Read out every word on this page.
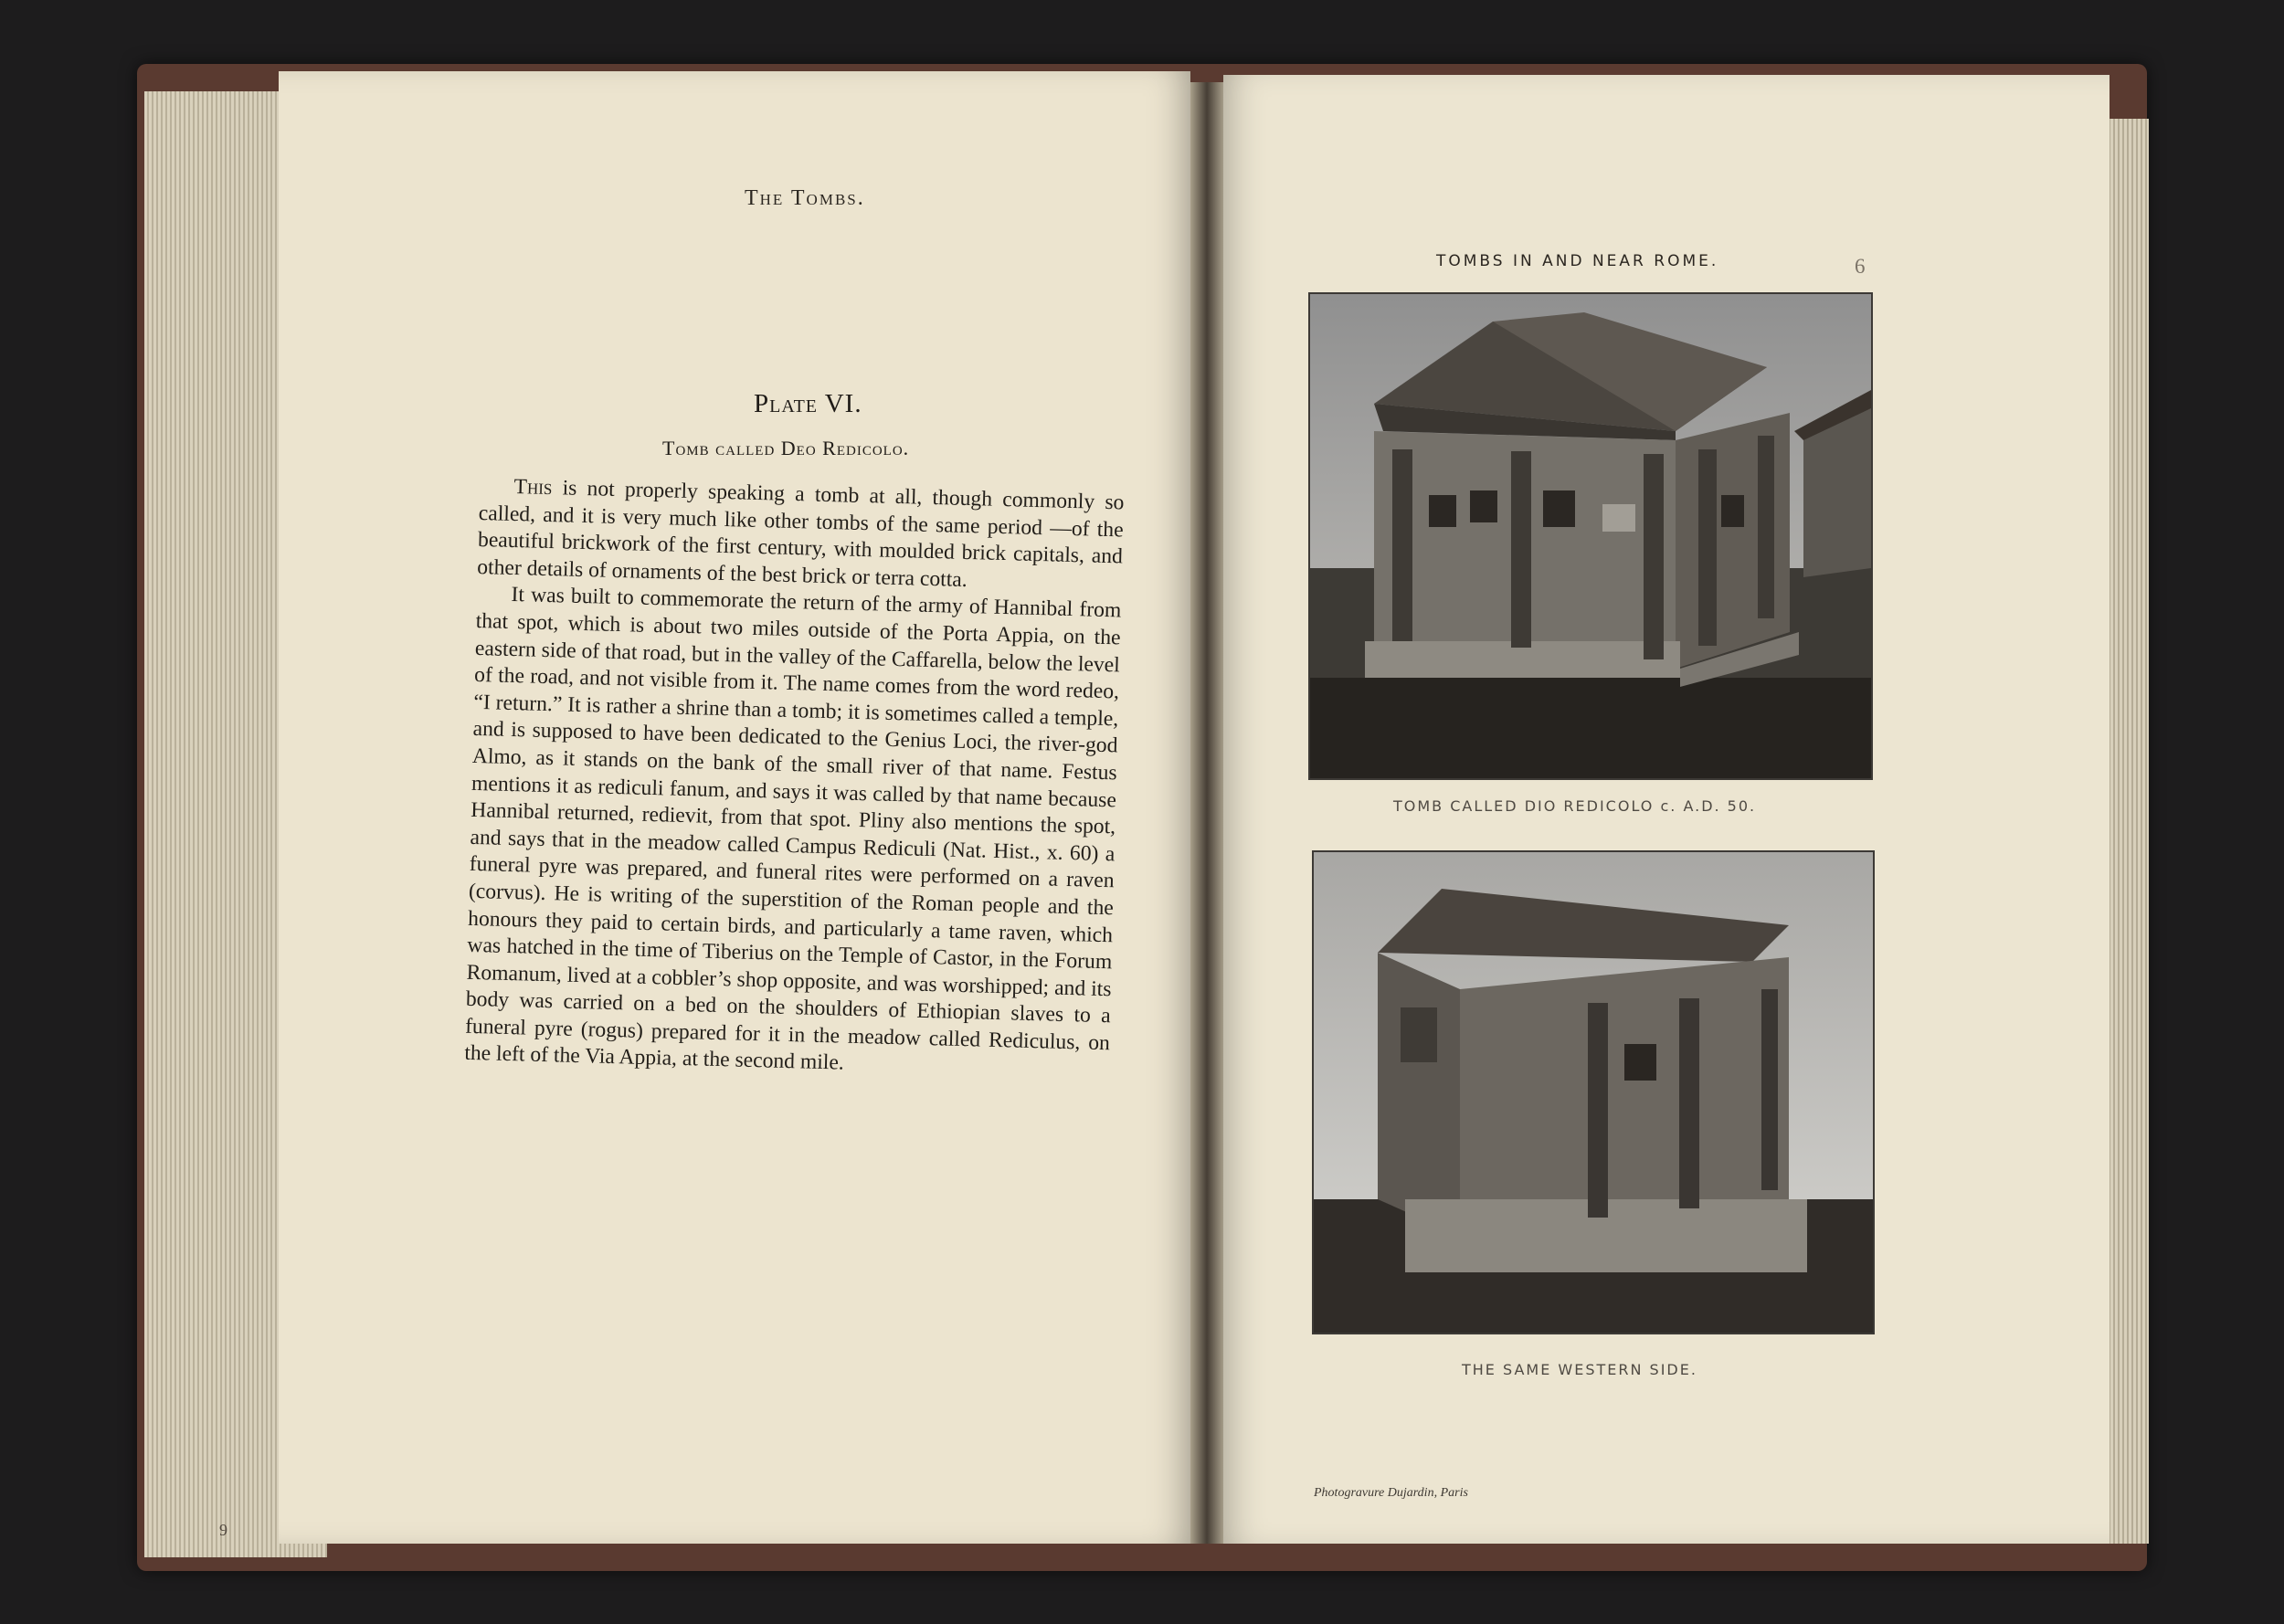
The Tombs.
Plate VI.
Tomb called Deo Redicolo.

This is not properly speaking a tomb at all, though commonly so called, and it is very much like other tombs of the same period —of the beautiful brickwork of the first century, with moulded brick capitals, and other details of ornaments of the best brick or terra cotta.

It was built to commemorate the return of the army of Hannibal from that spot, which is about two miles outside of the Porta Appia, on the eastern side of that road, but in the valley of the Caffarella, below the level of the road, and not visible from it. The name comes from the word redeo, “I return.” It is rather a shrine than a tomb; it is sometimes called a temple, and is supposed to have been dedicated to the Genius Loci, the river-god Almo, as it stands on the bank of the small river of that name. Festus mentions it as rediculi fanum, and says it was called by that name because Hannibal returned, redievit, from that spot. Pliny also mentions the spot, and says that in the meadow called Campus Rediculi (Nat. Hist., x. 60) a funeral pyre was prepared, and funeral rites were performed on a raven (corvus). He is writing of the superstition of the Roman people and the honours they paid to certain birds, and particularly a tame raven, which was hatched in the time of Tiberius on the Temple of Castor, in the Forum Romanum, lived at a cobbler’s shop opposite, and was worshipped; and its body was carried on a bed on the shoulders of Ethiopian slaves to a funeral pyre (rogus) prepared for it in the meadow called Rediculus, on the left of the Via Appia, at the second mile.

9
TOMBS IN AND NEAR ROME.	6
TOMB CALLED DIO REDICOLO c. A.D. 50.
THE SAME WESTERN SIDE.
Photogravure Dujardin, Paris
